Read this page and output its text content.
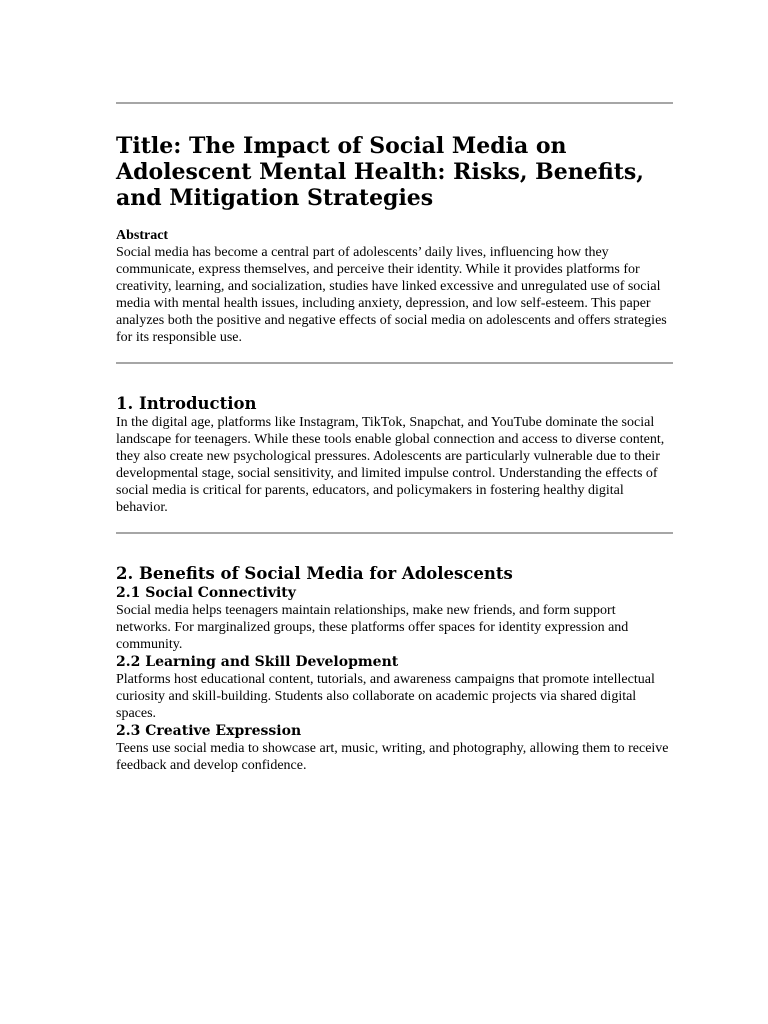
Title: The Impact of Social Media on Adolescent Mental Health: Risks, Benefits, and Mitigation Strategies
Abstract

Social media has become a central part of adolescents’ daily lives, influencing how they communicate, express themselves, and perceive their identity. While it provides platforms for creativity, learning, and socialization, studies have linked excessive and unregulated use of social media with mental health issues, including anxiety, depression, and low self-esteem. This paper analyzes both the positive and negative effects of social media on adolescents and offers strategies for its responsible use.

1. Introduction

In the digital age, platforms like Instagram, TikTok, Snapchat, and YouTube dominate the social landscape for teenagers. While these tools enable global connection and access to diverse content, they also create new psychological pressures. Adolescents are particularly vulnerable due to their developmental stage, social sensitivity, and limited impulse control. Understanding the effects of social media is critical for parents, educators, and policymakers in fostering healthy digital behavior.

2. Benefits of Social Media for Adolescents
2.1 Social Connectivity

Social media helps teenagers maintain relationships, make new friends, and form support networks. For marginalized groups, these platforms offer spaces for identity expression and community.

2.2 Learning and Skill Development

Platforms host educational content, tutorials, and awareness campaigns that promote intellectual curiosity and skill-building. Students also collaborate on academic projects via shared digital spaces.

2.3 Creative Expression

Teens use social media to showcase art, music, writing, and photography, allowing them to receive feedback and develop confidence.
